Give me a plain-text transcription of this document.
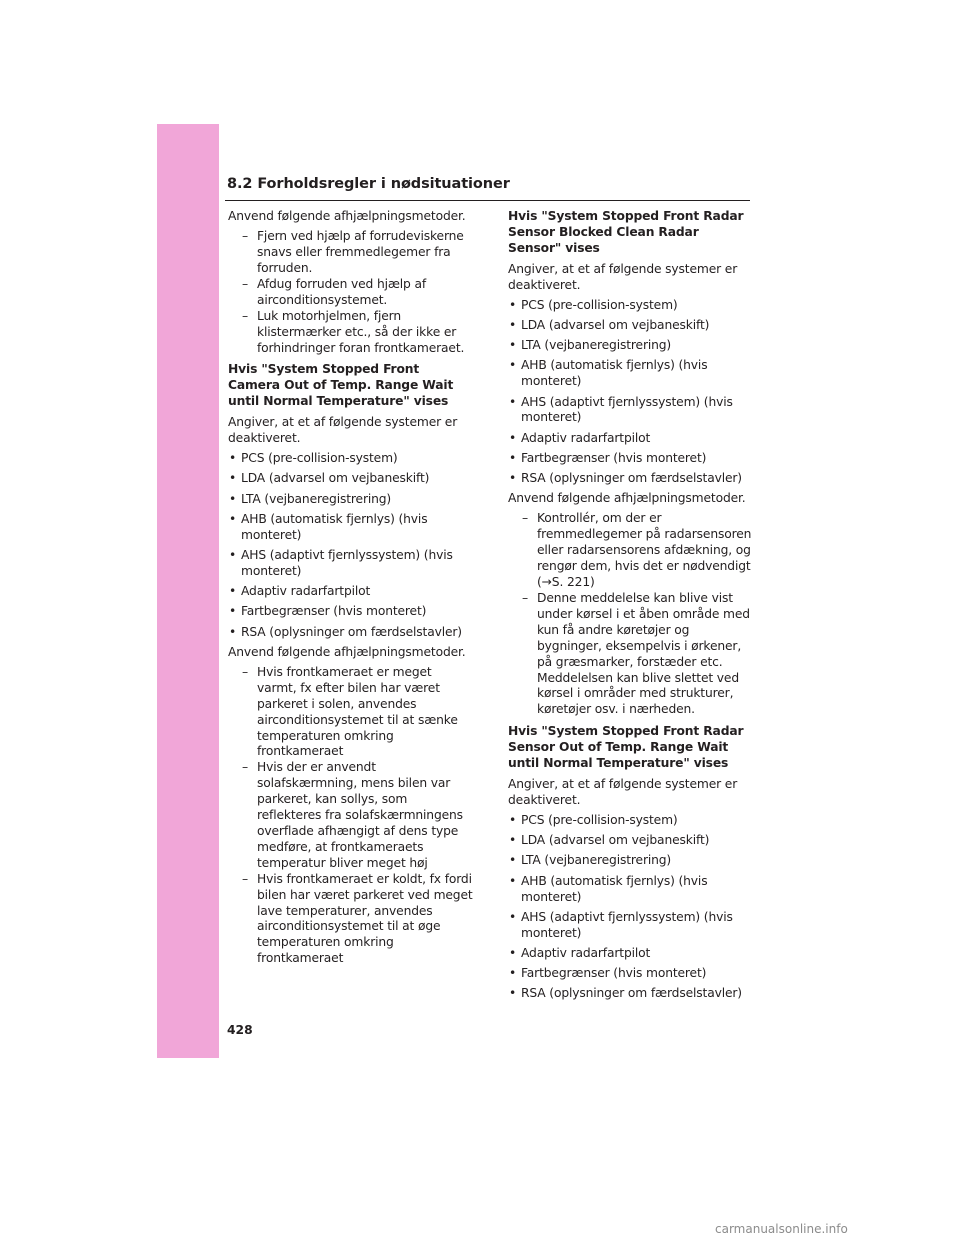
8.2 Forholdsregler i nødsituationer

Anvend følgende afhjælpningsmetoder.

– Fjern ved hjælp af forrudeviskerne snavs eller fremmedlegemer fra forruden.
– Afdug forruden ved hjælp af airconditionsystemet.
– Luk motorhjelmen, fjern klistermærker etc., så der ikke er forhindringer foran frontkameraet.

Hvis "System Stopped Front Camera Out of Temp. Range Wait until Normal Temperature" vises

Angiver, at et af følgende systemer er deaktiveret.

• PCS (pre-collision-system)
• LDA (advarsel om vejbaneskift)
• LTA (vejbaneregistrering)
• AHB (automatisk fjernlys) (hvis monteret)
• AHS (adaptivt fjernlyssystem) (hvis monteret)
• Adaptiv radarfartpilot
• Fartbegrænser (hvis monteret)
• RSA (oplysninger om færdselstavler)

Anvend følgende afhjælpningsmetoder.

– Hvis frontkameraet er meget varmt, fx efter bilen har været parkeret i solen, anvendes airconditionsystemet til at sænke temperaturen omkring frontkameraet
– Hvis der er anvendt solafskærmning, mens bilen var parkeret, kan sollys, som reflekteres fra solafskærmningens overflade afhængigt af dens type medføre, at frontkameraets temperatur bliver meget høj
– Hvis frontkameraet er koldt, fx fordi bilen har været parkeret ved meget lave temperaturer, anvendes airconditionsystemet til at øge temperaturen omkring frontkameraet

Hvis "System Stopped Front Radar Sensor Blocked Clean Radar Sensor" vises

Angiver, at et af følgende systemer er deaktiveret.

• PCS (pre-collision-system)
• LDA (advarsel om vejbaneskift)
• LTA (vejbaneregistrering)
• AHB (automatisk fjernlys) (hvis monteret)
• AHS (adaptivt fjernlyssystem) (hvis monteret)
• Adaptiv radarfartpilot
• Fartbegrænser (hvis monteret)
• RSA (oplysninger om færdselstavler)

Anvend følgende afhjælpningsmetoder.

– Kontrollér, om der er fremmedlegemer på radarsensoren eller radarsensorens afdækning, og rengør dem, hvis det er nødvendigt (→S. 221)
– Denne meddelelse kan blive vist under kørsel i et åben område med kun få andre køretøjer og bygninger, eksempelvis i ørkener, på græsmarker, forstæder etc. Meddelelsen kan blive slettet ved kørsel i områder med strukturer, køretøjer osv. i nærheden.

Hvis "System Stopped Front Radar Sensor Out of Temp. Range Wait until Normal Temperature" vises

Angiver, at et af følgende systemer er deaktiveret.

• PCS (pre-collision-system)
• LDA (advarsel om vejbaneskift)
• LTA (vejbaneregistrering)
• AHB (automatisk fjernlys) (hvis monteret)
• AHS (adaptivt fjernlyssystem) (hvis monteret)
• Adaptiv radarfartpilot
• Fartbegrænser (hvis monteret)
• RSA (oplysninger om færdselstavler)
428
carmanualsonline.info
